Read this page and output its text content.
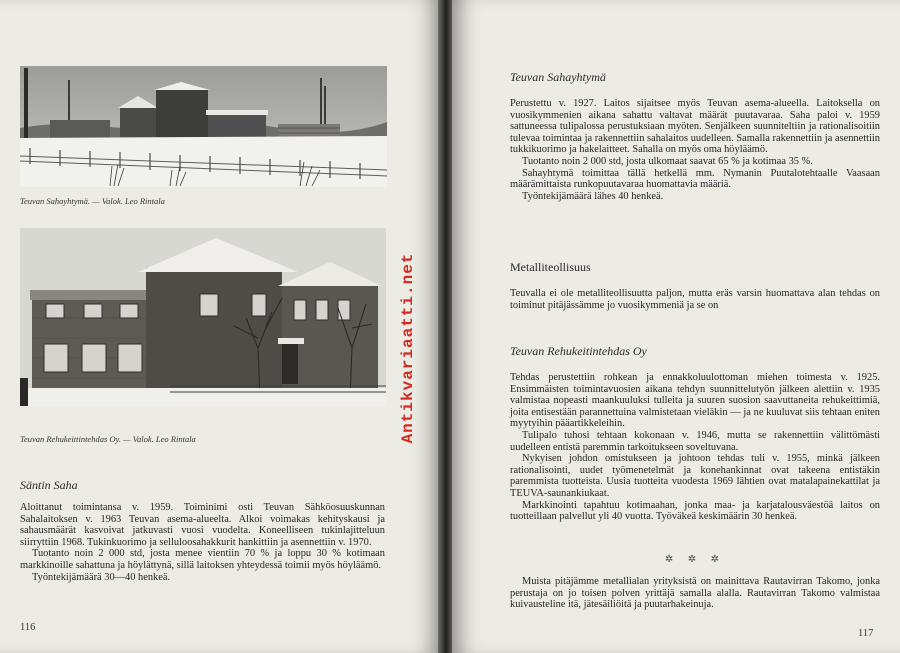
Teuvan Sahayhtymä. — Valok. Leo Rintala
Teuvan Rehukeittintehdas Oy. — Valok. Leo Rintala
Säntin Saha

Aloittanut toimintansa v. 1959. Toiminimi osti Teuvan Sähköosuuskunnan Sahalaitoksen v. 1963 Teuvan asema-alueelta. Alkoi voimakas kehityskausi ja sahausmäärät kasvoivat jatkuvasti vuosi vuodelta. Koneelliseen tukinlajitteluun siirryttiin 1968. Tukinkuorimo ja selluloosahakkurit hankittiin ja asennettiin v. 1970.

Tuotanto noin 2 000 std, josta menee vientiin 70 % ja loppu 30 % kotimaan markkinoille sahattuna ja höylättynä, sillä laitoksen yhteydessä toimii myös höyläämö.

Työntekijämäärä 30—40 henkeä.

116
Antikvariaatti.net
Teuvan Sahayhtymä

Perustettu v. 1927. Laitos sijaitsee myös Teuvan asema-alueella. Laitoksella on vuosikymmenien aikana sahattu valtavat määrät puutavaraa. Saha paloi v. 1959 sattuneessa tulipalossa perustuksiaan myöten. Senjälkeen suunniteltiin ja rationalisoitiin tulevaa toimintaa ja rakennettiin sahalaitos uudelleen. Samalla rakennettiin ja asennettiin tukkikuorimo ja hakelaitteet. Sahalla on myös oma höyläämö.

Tuotanto noin 2 000 std, josta ulkomaat saavat 65 % ja kotimaa 35 %.

Sahayhtymä toimittaa tällä hetkellä mm. Nymanin Puutalotehtaalle Vaasaan määrämittaista runkopuutavaraa huomattavia määriä.

Työntekijämäärä lähes 40 henkeä.

Metalliteollisuus

Teuvalla ei ole metalliteollisuutta paljon, mutta eräs varsin huomattava alan tehdas on toiminut pitäjässämme jo vuosikymmeniä ja se on

Teuvan Rehukeitintehdas Oy

Tehdas perustettiin rohkean ja ennakkoluulottoman miehen toimesta v. 1925. Ensimmäisten toimintavuosien aikana tehdyn suunnittelutyön jälkeen alettiin v. 1935 valmistaa nopeasti maankuuluksi tulleita ja suuren suosion saavuttaneita rehukeittimiä, joita entisestään parannettuina valmistetaan vieläkin — ja ne kuuluvat siis tehtaan eniten myytyihin pääartikkeleihin.

Tulipalo tuhosi tehtaan kokonaan v. 1946, mutta se rakennettiin välittömästi uudelleen entistä paremmin tarkoitukseen soveltuvana.

Nykyisen johdon omistukseen ja johtoon tehdas tuli v. 1955, minkä jälkeen rationalisointi, uudet työmenetelmät ja konehankinnat ovat takeena entistäkin paremmista tuotteista. Uusia tuotteita vuodesta 1969 lähtien ovat matalapainekattilat ja TEUVA-saunankiukaat.

Markkinointi tapahtuu kotimaahan, jonka maa- ja karjatalousväestöä laitos on tuotteillaan palvellut yli 40 vuotta. Työväkeä keskimäärin 30 henkeä.

✲ ✲ ✲

Muista pitäjämme metallialan yrityksistä on mainittava Rautavirran Takomo, jonka perustaja on jo toisen polven yrittäjä samalla alalla. Rautavirran Takomo valmistaa kuivausteline itä, jätesäiliöitä ja puutarhakeinuja.

117
